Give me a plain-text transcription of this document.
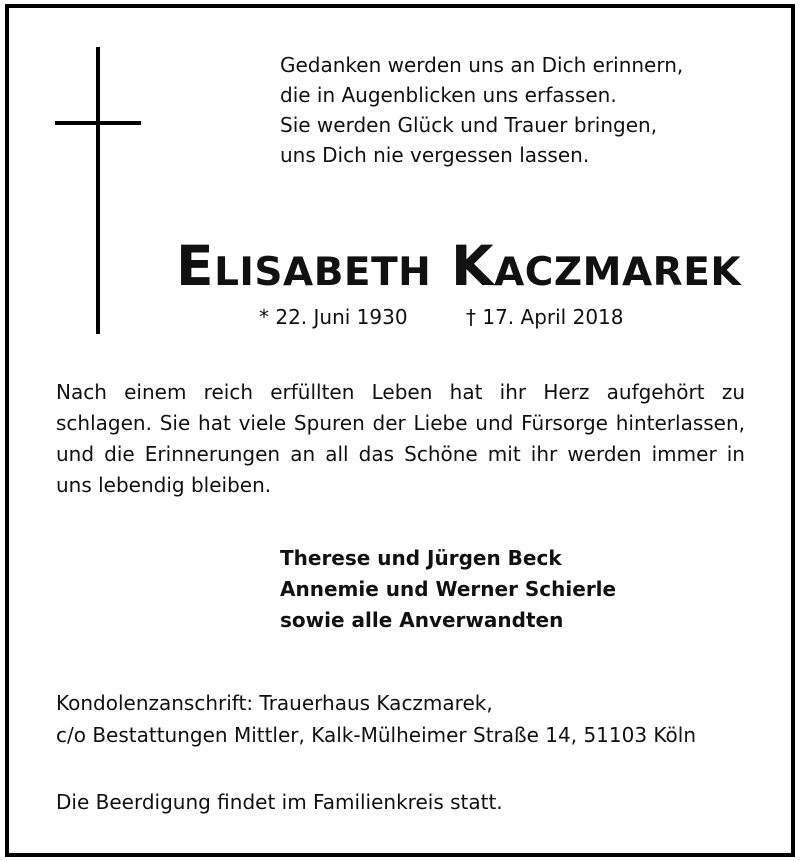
Gedanken werden uns an Dich erinnern,
die in Augenblicken uns erfassen.
Sie werden Glück und Trauer bringen,
uns Dich nie vergessen lassen.
Elisabeth Kaczmarek
* 22. Juni 1930	† 17. April 2018

Nach einem reich erfüllten Leben hat ihr Herz aufgehört zu schlagen. Sie hat viele Spuren der Liebe und Fürsorge hinterlassen, und die Erinnerungen an all das Schöne mit ihr werden immer in uns lebendig bleiben.

Therese und Jürgen Beck
Annemie und Werner Schierle
sowie alle Anverwandten
Kondolenzanschrift: Trauerhaus Kaczmarek,
c/o Bestattungen Mittler, Kalk-Mülheimer Straße 14, 51103 Köln
Die Beerdigung findet im Familienkreis statt.
